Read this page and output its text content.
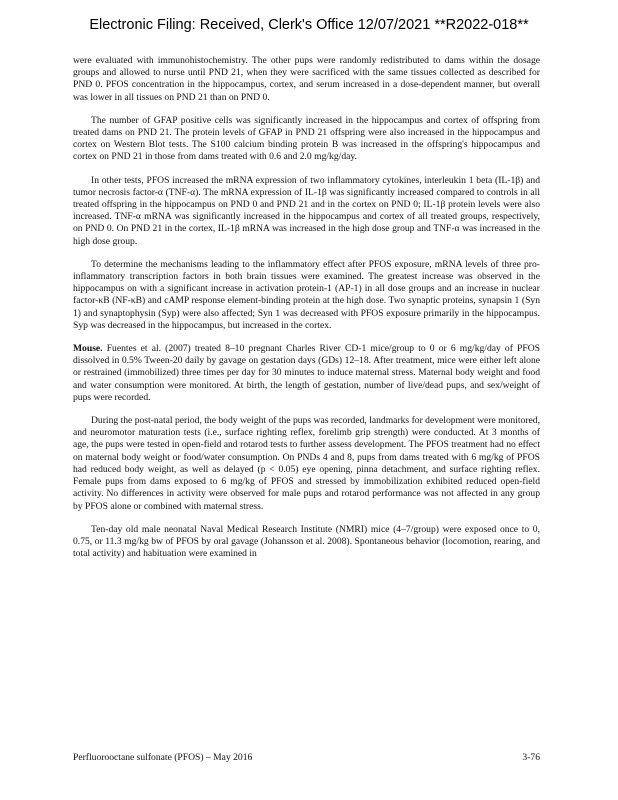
Electronic Filing: Received, Clerk's Office 12/07/2021 **R2022-018**

were evaluated with immunohistochemistry. The other pups were randomly redistributed to dams within the dosage groups and allowed to nurse until PND 21, when they were sacrificed with the same tissues collected as described for PND 0. PFOS concentration in the hippocampus, cortex, and serum increased in a dose-dependent manner, but overall was lower in all tissues on PND 21 than on PND 0.

The number of GFAP positive cells was significantly increased in the hippocampus and cortex of offspring from treated dams on PND 21. The protein levels of GFAP in PND 21 offspring were also increased in the hippocampus and cortex on Western Blot tests. The S100 calcium binding protein B was increased in the offspring's hippocampus and cortex on PND 21 in those from dams treated with 0.6 and 2.0 mg/kg/day.

In other tests, PFOS increased the mRNA expression of two inflammatory cytokines, interleukin 1 beta (IL-1β) and tumor necrosis factor-α (TNF-α). The mRNA expression of IL-1β was significantly increased compared to controls in all treated offspring in the hippocampus on PND 0 and PND 21 and in the cortex on PND 0; IL-1β protein levels were also increased. TNF-α mRNA was significantly increased in the hippocampus and cortex of all treated groups, respectively, on PND 0. On PND 21 in the cortex, IL-1β mRNA was increased in the high dose group and TNF-α was increased in the high dose group.

To determine the mechanisms leading to the inflammatory effect after PFOS exposure, mRNA levels of three pro-inflammatory transcription factors in both brain tissues were examined. The greatest increase was observed in the hippocampus on with a significant increase in activation protein-1 (AP-1) in all dose groups and an increase in nuclear factor-κB (NF-κB) and cAMP response element-binding protein at the high dose. Two synaptic proteins, synapsin 1 (Syn 1) and synaptophysin (Syp) were also affected; Syn 1 was decreased with PFOS exposure primarily in the hippocampus. Syp was decreased in the hippocampus, but increased in the cortex.

Mouse. Fuentes et al. (2007) treated 8–10 pregnant Charles River CD-1 mice/group to 0 or 6 mg/kg/day of PFOS dissolved in 0.5% Tween-20 daily by gavage on gestation days (GDs) 12–18. After treatment, mice were either left alone or restrained (immobilized) three times per day for 30 minutes to induce maternal stress. Maternal body weight and food and water consumption were monitored. At birth, the length of gestation, number of live/dead pups, and sex/weight of pups were recorded.

During the post-natal period, the body weight of the pups was recorded, landmarks for development were monitored, and neuromotor maturation tests (i.e., surface righting reflex, forelimb grip strength) were conducted. At 3 months of age, the pups were tested in open-field and rotarod tests to further assess development. The PFOS treatment had no effect on maternal body weight or food/water consumption. On PNDs 4 and 8, pups from dams treated with 6 mg/kg of PFOS had reduced body weight, as well as delayed (p < 0.05) eye opening, pinna detachment, and surface righting reflex. Female pups from dams exposed to 6 mg/kg of PFOS and stressed by immobilization exhibited reduced open-field activity. No differences in activity were observed for male pups and rotarod performance was not affected in any group by PFOS alone or combined with maternal stress.

Ten-day old male neonatal Naval Medical Research Institute (NMRI) mice (4–7/group) were exposed once to 0, 0.75, or 11.3 mg/kg bw of PFOS by oral gavage (Johansson et al. 2008). Spontaneous behavior (locomotion, rearing, and total activity) and habituation were examined in

Perfluorooctane sulfonate (PFOS) – May 2016	3-76
